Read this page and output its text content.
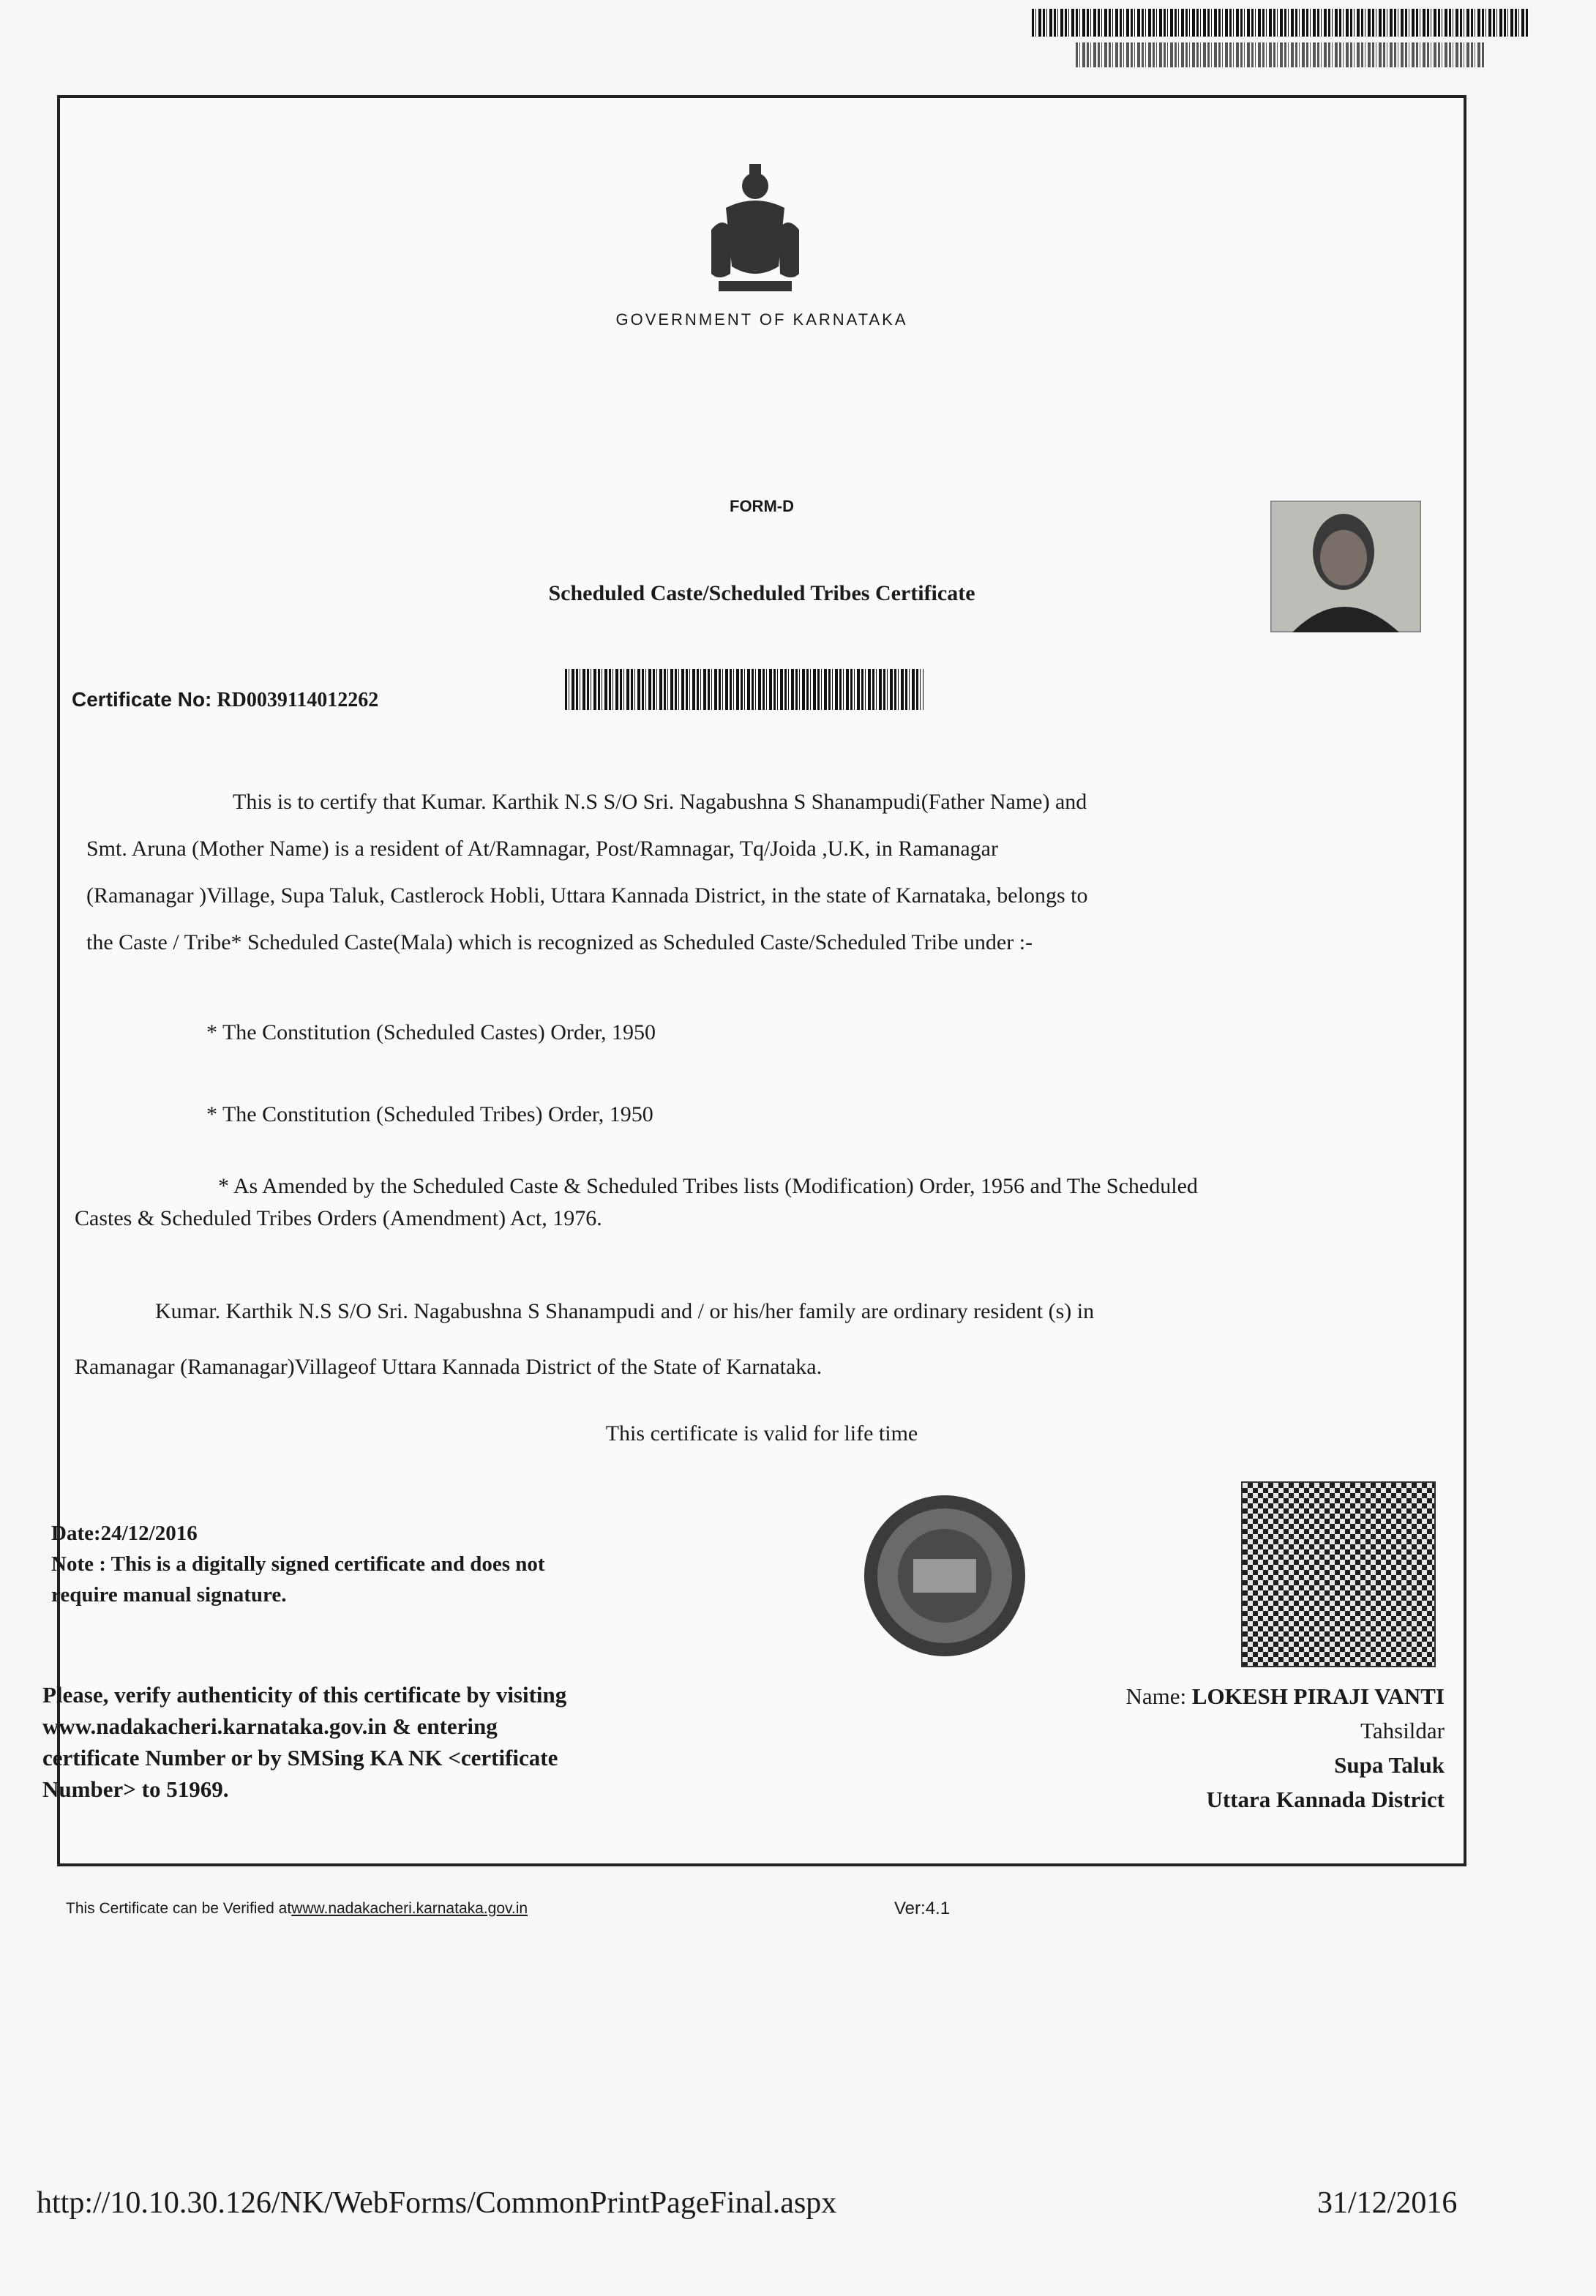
GOVERNMENT OF KARNATAKA
FORM-D
Scheduled Caste/Scheduled Tribes Certificate
Certificate No: RD0039114012262
This is to certify that Kumar. Karthik N.S S/O Sri. Nagabushna S Shanampudi(Father Name) and
Smt. Aruna (Mother Name) is a resident of At/Ramnagar, Post/Ramnagar, Tq/Joida ,U.K, in Ramanagar
(Ramanagar )Village, Supa Taluk, Castlerock Hobli, Uttara Kannada District, in the state of Karnataka, belongs to
the Caste / Tribe* Scheduled Caste(Mala) which is recognized as Scheduled Caste/Scheduled Tribe under :-
* The Constitution (Scheduled Castes) Order, 1950
* The Constitution (Scheduled Tribes) Order, 1950
* As Amended by the Scheduled Caste & Scheduled Tribes lists (Modification) Order, 1956 and The Scheduled
Castes & Scheduled Tribes Orders (Amendment) Act, 1976.
Kumar. Karthik N.S S/O Sri. Nagabushna S Shanampudi and / or his/her family are ordinary resident (s) in
Ramanagar (Ramanagar)Villageof Uttara Kannada District of the State of Karnataka.
This certificate is valid for life time
Date:24/12/2016
Note : This is a digitally signed certificate and does not
require manual signature.
Please, verify authenticity of this certificate by visiting
www.nadakacheri.karnataka.gov.in & entering
certificate Number or by SMSing KA NK <certificate
Number> to 51969.
Name: LOKESH PIRAJI VANTI
Tahsildar
Supa Taluk
Uttara Kannada District
This Certificate can be Verified atwww.nadakacheri.karnataka.gov.in	Ver:4.1
http://10.10.30.126/NK/WebForms/CommonPrintPageFinal.aspx	31/12/2016
